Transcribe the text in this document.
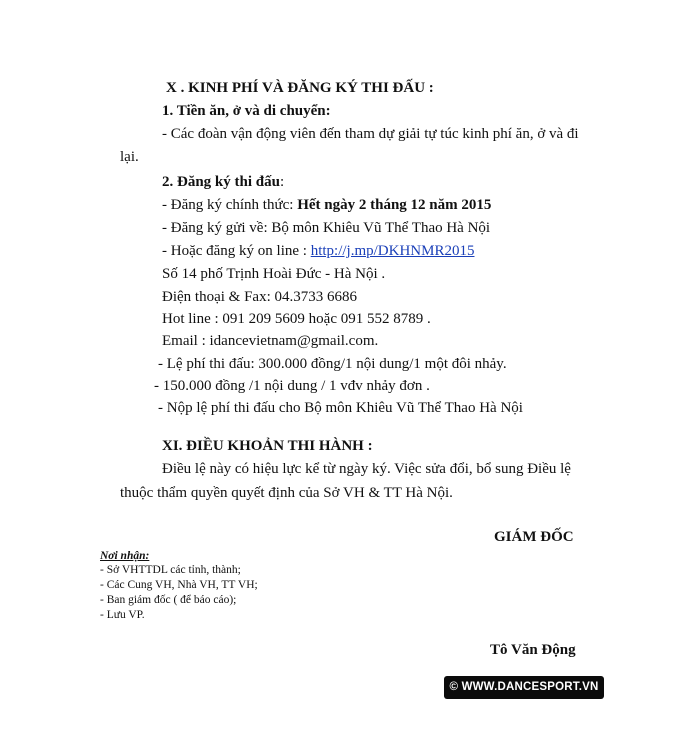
X . KINH PHÍ VÀ ĐĂNG KÝ THI ĐẤU :
1. Tiền ăn, ở và di chuyển:
- Các đoàn vận động viên đến tham dự giải tự túc kinh phí ăn, ở và đi
lại.
2. Đăng ký thi đấu:
- Đăng ký chính thức: Hết ngày 2 tháng 12 năm 2015
- Đăng ký gửi về: Bộ môn Khiêu Vũ Thể Thao Hà Nội
- Hoặc đăng ký on line : http://j.mp/DKHNMR2015
Số 14 phố Trịnh Hoài Đức - Hà Nội .
Điện thoại & Fax: 04.3733 6686
Hot line : 091 209 5609 hoặc 091 552 8789 .
Email : idancevietnam@gmail.com.
- Lệ phí thi đấu: 300.000 đồng/1 nội dung/1 một đôi nhảy.
- 150.000 đồng /1 nội dung / 1 vđv nhảy đơn .
- Nộp lệ phí thi đấu cho Bộ môn Khiêu Vũ Thể Thao Hà Nội
XI. ĐIỀU KHOẢN THI HÀNH :
Điều lệ này có hiệu lực kể từ ngày ký. Việc sửa đổi, bổ sung Điều lệ
thuộc thẩm quyền quyết định của Sở VH & TT Hà Nội.
GIÁM ĐỐC
Tô Văn Động
Nơi nhận:
- Sở VHTTDL các tỉnh, thành;
- Các Cung VH, Nhà VH, TT VH;
- Ban giám đốc ( để báo cáo);
- Lưu VP.
© WWW.DANCESPORT.VN
